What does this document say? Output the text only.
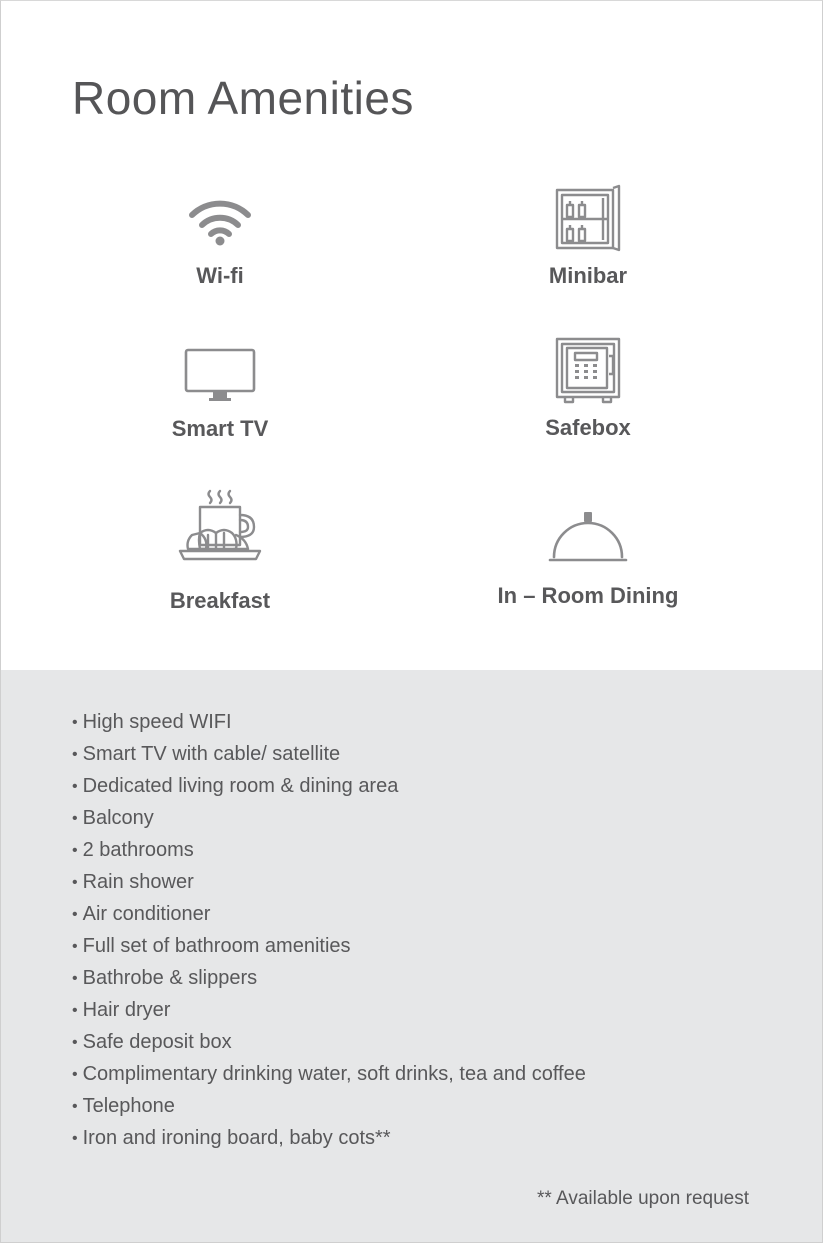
Room Amenities
Wi-fi	Minibar
Smart TV	Safebox
Breakfast	In – Room Dining
• High speed WIFI
• Smart TV with cable/ satellite
• Dedicated living room & dining area
• Balcony
• 2 bathrooms
• Rain shower
• Air conditioner
• Full set of bathroom amenities
• Bathrobe & slippers
• Hair dryer
• Safe deposit box
• Complimentary drinking water, soft drinks, tea and coffee
• Telephone
• Iron and ironing board, baby cots**
** Available upon request
